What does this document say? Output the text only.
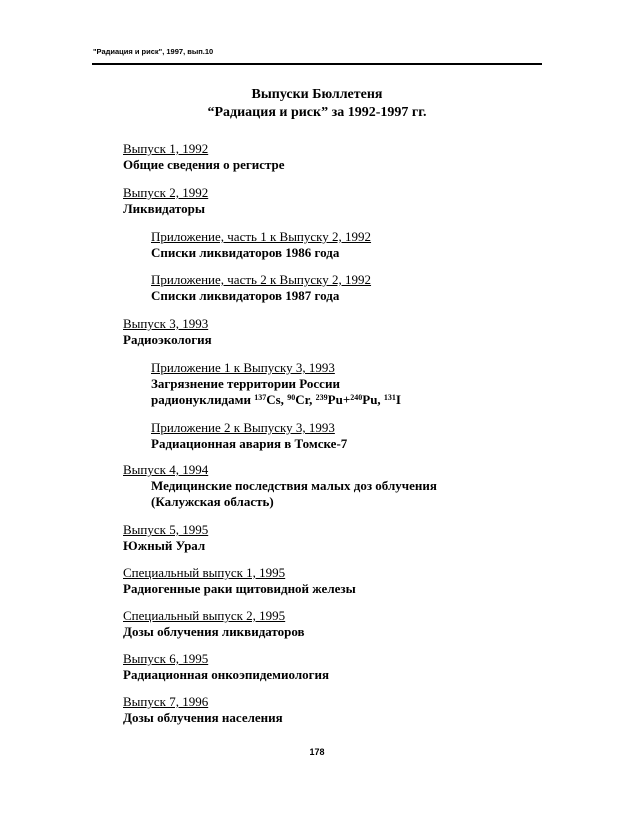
"Радиация и риск", 1997, вып.10
Выпуски Бюллетеня
“Радиация и риск” за 1992-1997 гг.
Выпуск 1, 1992
Общие сведения о регистре
Выпуск 2, 1992
Ликвидаторы
Приложение, часть 1 к Выпуску 2, 1992
Списки ликвидаторов 1986 года
Приложение, часть 2 к Выпуску 2, 1992
Списки ликвидаторов 1987 года
Выпуск 3, 1993
Радиоэкология
Приложение 1 к Выпуску 3, 1993
Загрязнение территории России
радионуклидами $^{137}$Cs, $^{90}$Cr, $^{239}$Pu+$^{240}$Pu, $^{131}$I
Приложение 2 к Выпуску 3, 1993
Радиационная авария в Томске-7
Выпуск 4, 1994
Медицинские последствия малых доз облучения
(Калужская область)
Выпуск 5, 1995
Южный Урал
Специальный выпуск 1, 1995
Радиогенные раки щитовидной железы
Специальный выпуск 2, 1995
Дозы облучения ликвидаторов
Выпуск 6, 1995
Радиационная онкоэпидемиология
Выпуск 7, 1996
Дозы облучения населения
178
